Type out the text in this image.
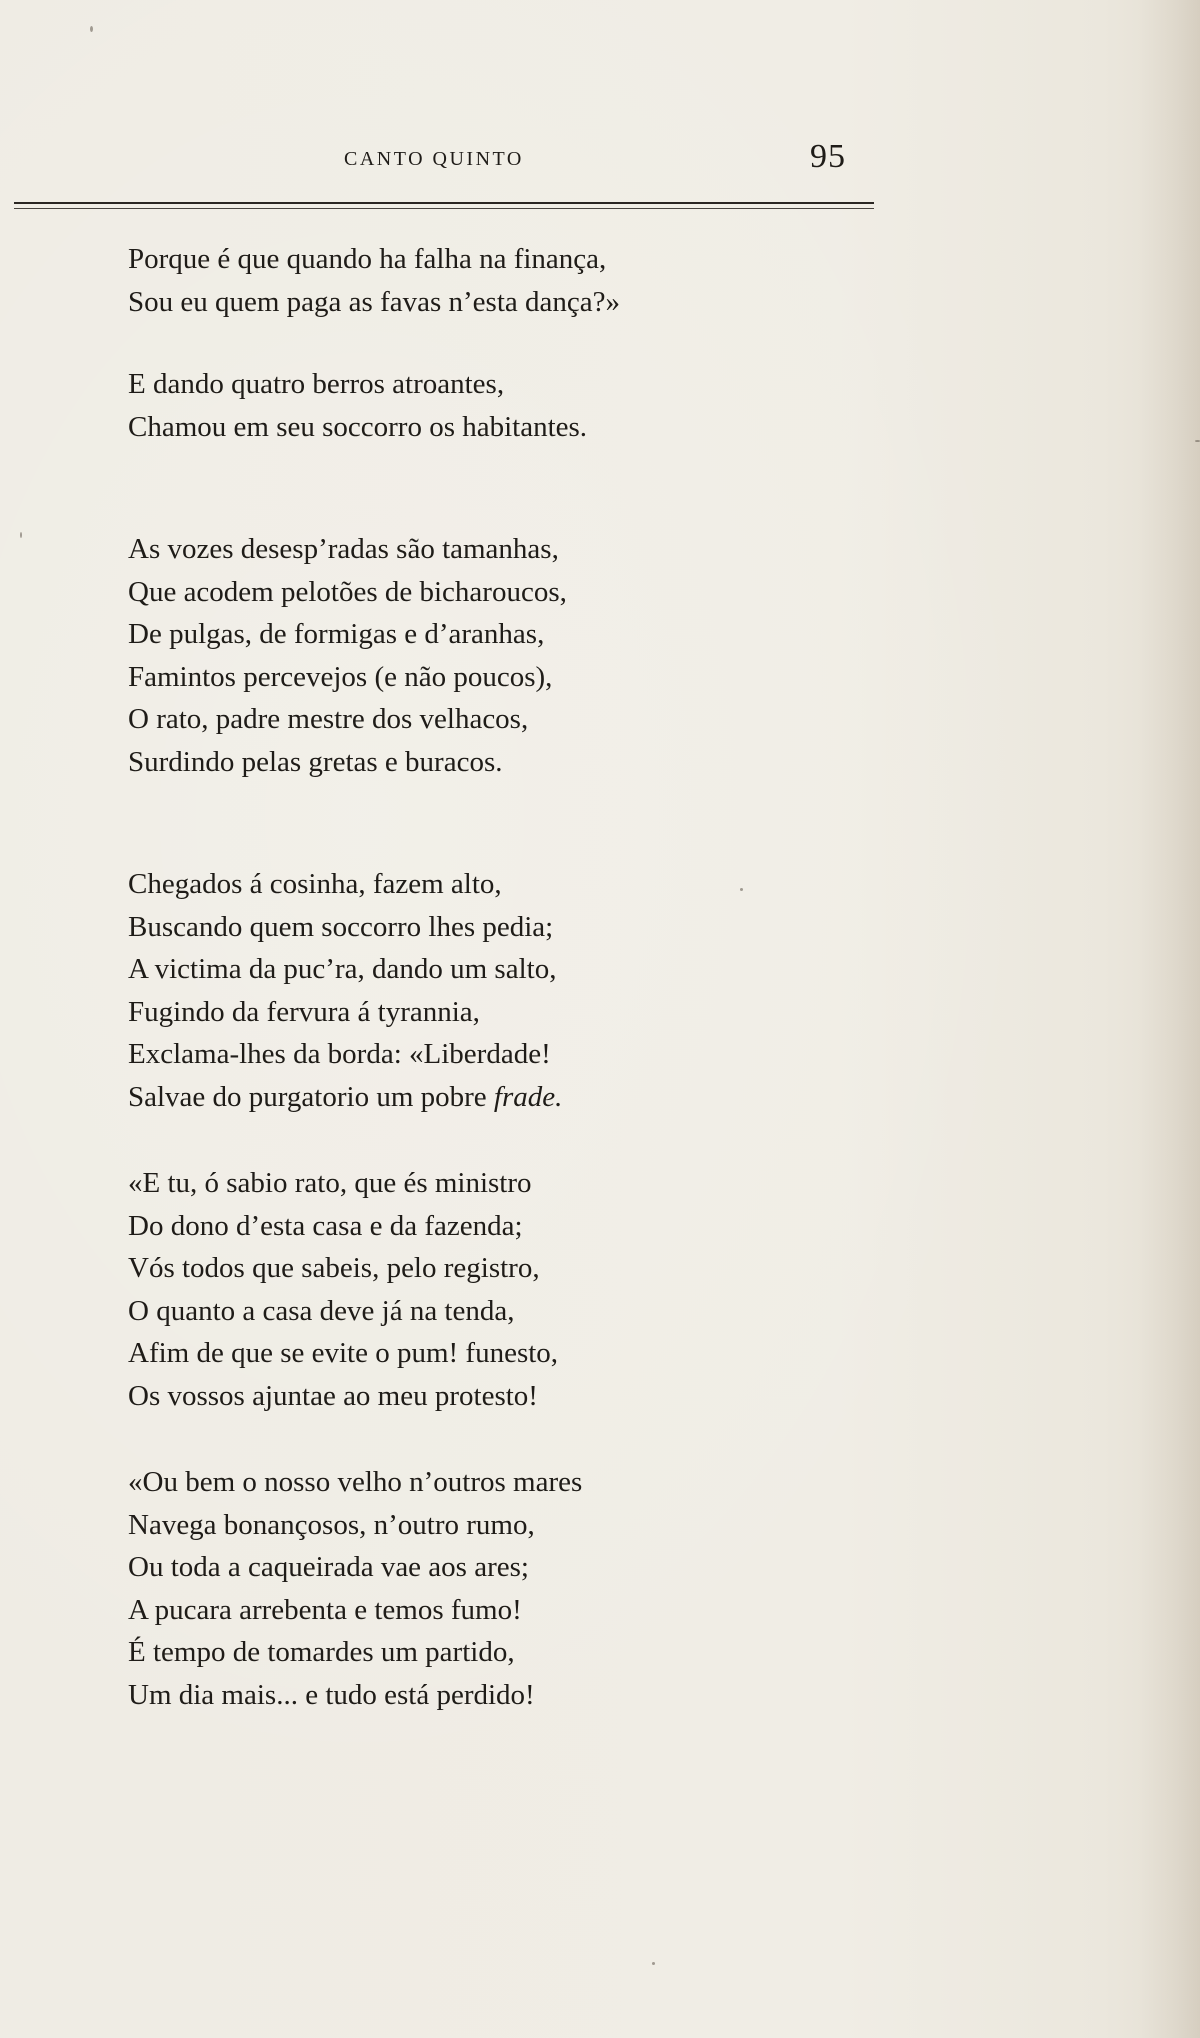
CANTO QUINTO	95
Porque é que quando ha falha na finança,
Sou eu quem paga as favas n’esta dança?»
E dando quatro berros atroantes,
Chamou em seu soccorro os habitantes.
As vozes desesp’radas são tamanhas,
Que acodem pelotões de bicharoucos,
De pulgas, de formigas e d’aranhas,
Famintos percevejos (e não poucos),
O rato, padre mestre dos velhacos,
Surdindo pelas gretas e buracos.
Chegados á cosinha, fazem alto,
Buscando quem soccorro lhes pedia;
A victima da puc’ra, dando um salto,
Fugindo da fervura á tyrannia,
Exclama-lhes da borda: «Liberdade!
Salvae do purgatorio um pobre frade.
«E tu, ó sabio rato, que és ministro
Do dono d’esta casa e da fazenda;
Vós todos que sabeis, pelo registro,
O quanto a casa deve já na tenda,
Afim de que se evite o pum! funesto,
Os vossos ajuntae ao meu protesto!
«Ou bem o nosso velho n’outros mares
Navega bonançosos, n’outro rumo,
Ou toda a caqueirada vae aos ares;
A pucara arrebenta e temos fumo!
É tempo de tomardes um partido,
Um dia mais... e tudo está perdido!
